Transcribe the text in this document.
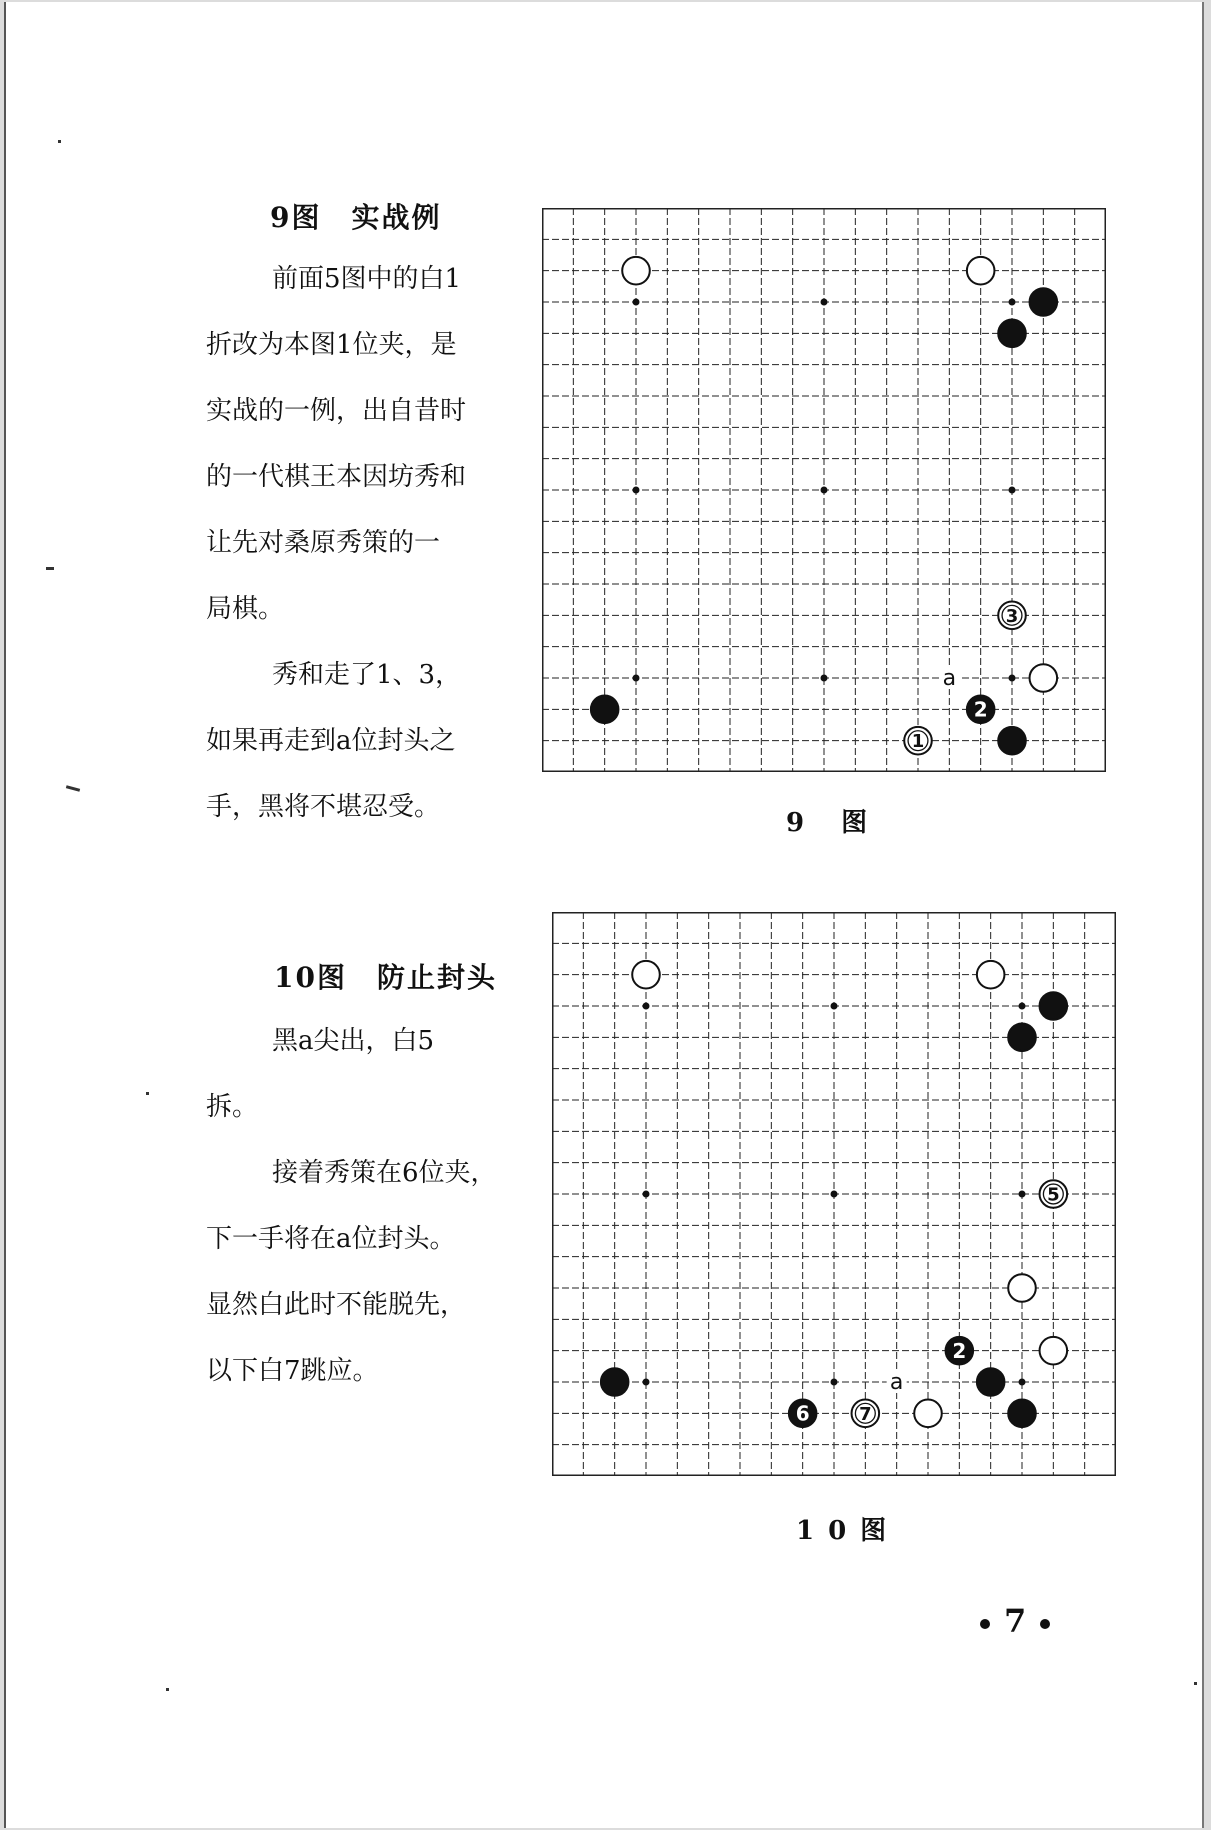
9图　实战例

前面5图中的白1
折改为本图1位夹，是
实战的一例，出自昔时
的一代棋王本因坊秀和
让先对桑原秀策的一
局棋。

秀和走了1、3，
如果再走到a位封头之
手，黑将不堪忍受。

a
3
2
1
9 图
10图　防止封头

黑a尖出，白5
拆。

接着秀策在6位夹，
下一手将在a位封头。
显然白此时不能脱先，
以下白7跳应。	a
5
2
6	7
10图
7
